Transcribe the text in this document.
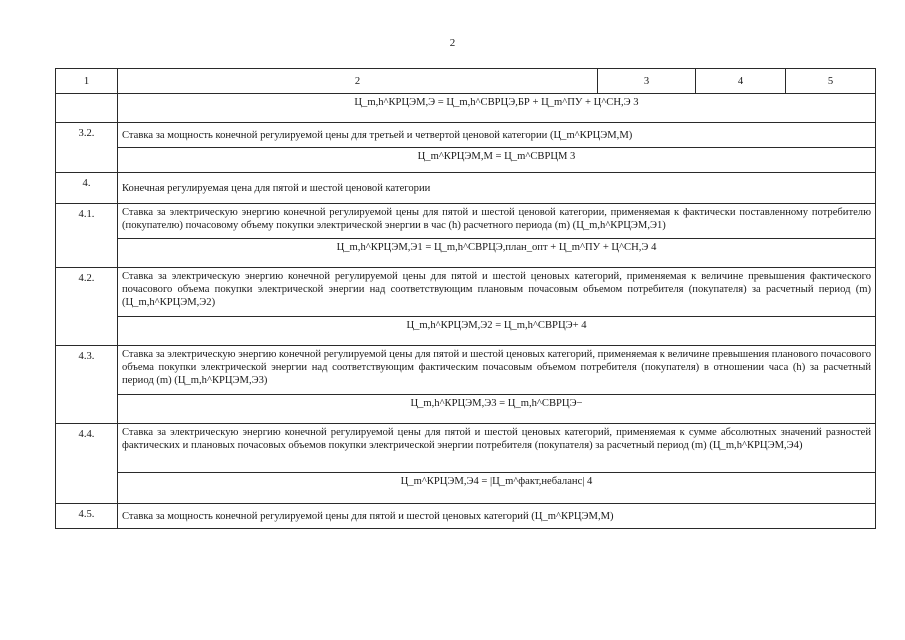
2
1	2	3	4	5
	Ц_m,h^КРЦЭМ,Э = Ц_m,h^СВРЦЭ,БР + Ц_m^ПУ + Ц^СН,Э 3			
3.2.	Ставка за мощность конечной регулируемой цены для третьей и четвертой ценовой категории (Ц_m^КРЦЭМ,М)			
	Ц_m^КРЦЭМ,М = Ц_m^СВРЦМ 3			
4.	Конечная регулируемая цена для пятой и шестой ценовой категории			
4.1.	Ставка за электрическую энергию конечной регулируемой цены для пятой и шестой ценовой категории, применяемая к фактически поставленному потребителю (покупателю) почасовому объему покупки электрической энергии в час (h) расчетного периода (m) (Ц_m,h^КРЦЭМ,Э1)			
	Ц_m,h^КРЦЭМ,Э1 = Ц_m,h^СВРЦЭ,план_опт + Ц_m^ПУ + Ц^СН,Э 4			
4.2.	Ставка за электрическую энергию конечной регулируемой цены для пятой и шестой ценовых категорий, применяемая к величине превышения фактического почасового объема покупки электрической энергии над соответствующим плановым почасовым объемом потребителя (покупателя) за расчетный период (m) (Ц_m,h^КРЦЭМ,Э2)			
	Ц_m,h^КРЦЭМ,Э2 = Ц_m,h^СВРЦЭ+ 4			
4.3.	Ставка за электрическую энергию конечной регулируемой цены для пятой и шестой ценовых категорий, применяемая к величине превышения планового почасового объема покупки электрической энергии над соответствующим фактическим почасовым объемом потребителя (покупателя) в отношении часа (h) за расчетный период (m) (Ц_m,h^КРЦЭМ,Э3)			
	Ц_m,h^КРЦЭМ,Э3 = Ц_m,h^СВРЦЭ−			
4.4.	Ставка за электрическую энергию конечной регулируемой цены для пятой и шестой ценовых категорий, применяемая к сумме абсолютных значений разностей фактических и плановых почасовых объемов покупки электрической энергии потребителя (покупателя) за расчетный период (m) (Ц_m,h^КРЦЭМ,Э4)			
	Ц_m^КРЦЭМ,Э4 = |Ц_m^факт,небаланс| 4			
4.5.	Ставка за мощность конечной регулируемой цены для пятой и шестой ценовых категорий (Ц_m^КРЦЭМ,М)			
